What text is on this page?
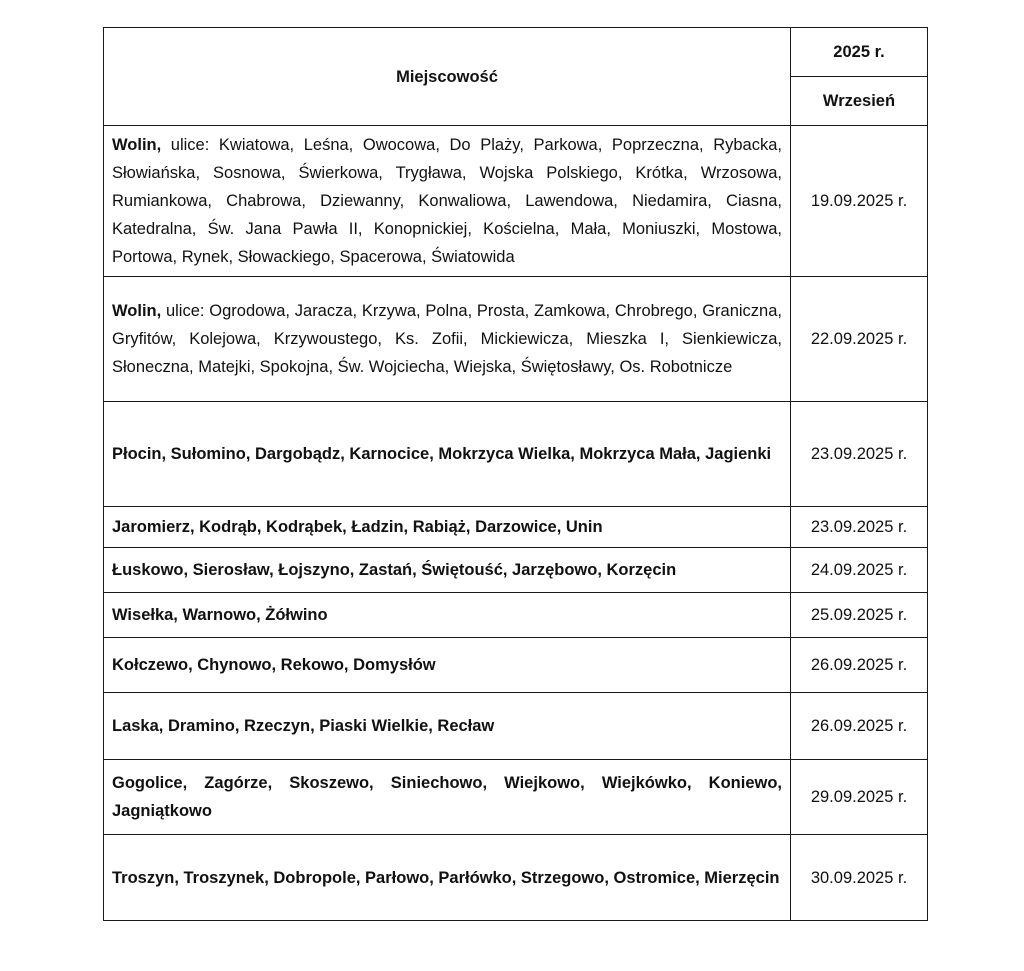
Miejscowość	2025 r.
	Wrzesień
Wolin, ulice: Kwiatowa, Leśna, Owocowa, Do Plaży, Parkowa, Poprzeczna, Rybacka, Słowiańska, Sosnowa, Świerkowa, Trygława, Wojska Polskiego, Krótka, Wrzosowa, Rumiankowa, Chabrowa, Dziewanny, Konwaliowa, Lawendowa, Niedamira, Ciasna, Katedralna, Św. Jana Pawła II, Konopnickiej, Kościelna, Mała, Moniuszki, Mostowa, Portowa, Rynek, Słowackiego, Spacerowa, Światowida	19.09.2025 r.
Wolin, ulice: Ogrodowa, Jaracza, Krzywa, Polna, Prosta, Zamkowa, Chrobrego, Graniczna, Gryfitów, Kolejowa, Krzywoustego, Ks. Zofii, Mickiewicza, Mieszka I, Sienkiewicza, Słoneczna, Matejki, Spokojna, Św. Wojciecha, Wiejska, Świętosławy, Os. Robotnicze	22.09.2025 r.
Płocin, Sułomino, Dargobądz, Karnocice, Mokrzyca Wielka, Mokrzyca Mała, Jagienki	23.09.2025 r.
Jaromierz, Kodrąb, Kodrąbek, Ładzin, Rabiąż, Darzowice, Unin	23.09.2025 r.
Łuskowo, Sierosław, Łojszyno, Zastań, Świętouść, Jarzębowo, Korzęcin	24.09.2025 r.
Wisełka, Warnowo, Żółwino	25.09.2025 r.
Kołczewo, Chynowo, Rekowo, Domysłów	26.09.2025 r.
Laska, Dramino, Rzeczyn, Piaski Wielkie, Recław	26.09.2025 r.
Gogolice, Zagórze, Skoszewo, Siniechowo, Wiejkowo, Wiejkówko, Koniewo, Jagniątkowo	29.09.2025 r.
Troszyn, Troszynek, Dobropole, Parłowo, Parłówko, Strzegowo, Ostromice, Mierzęcin	30.09.2025 r.
